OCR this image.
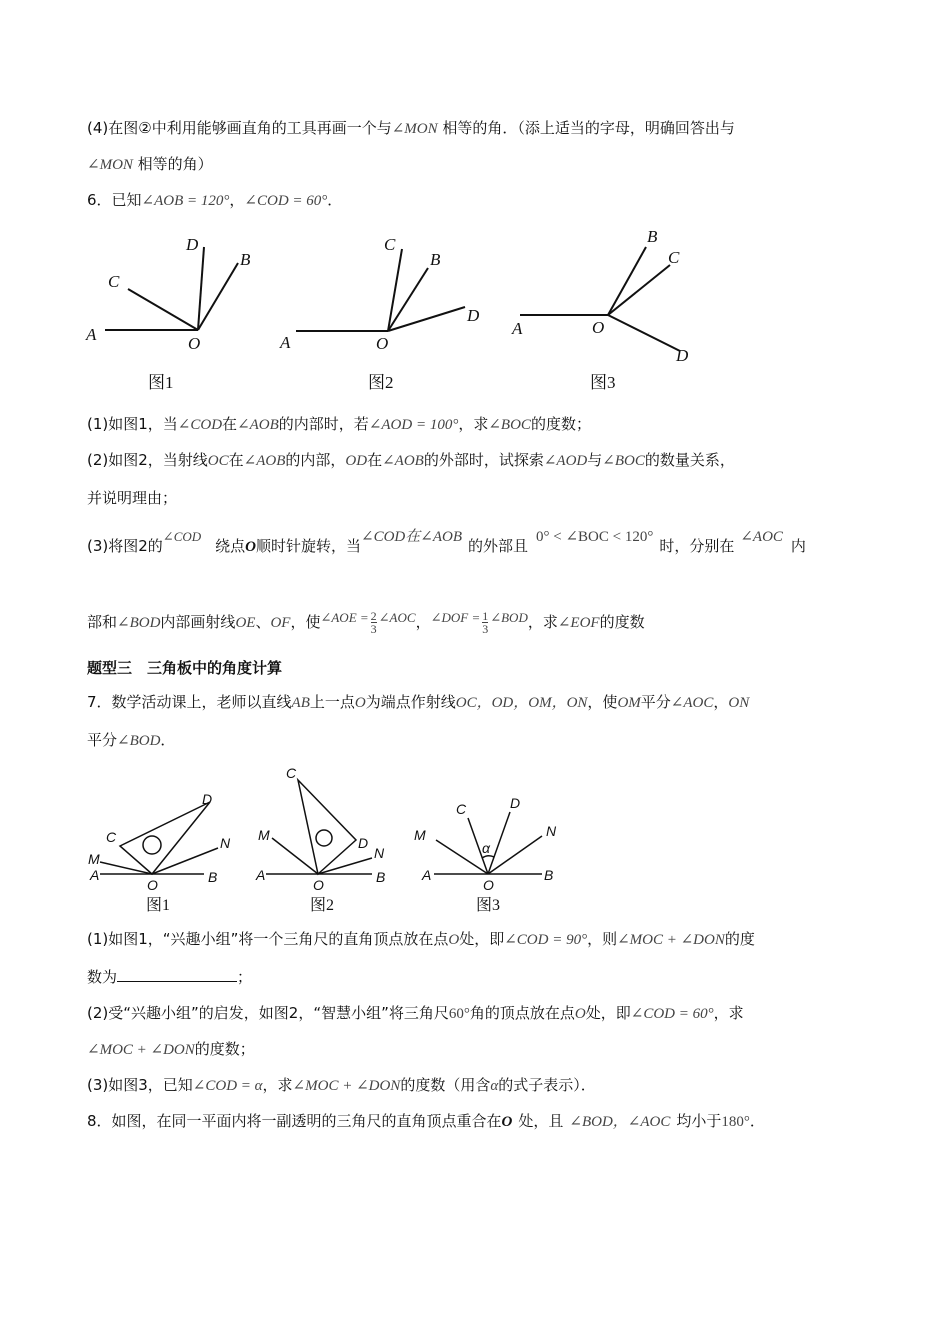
(4)在图②中利用能够画直角的工具再画一个与∠MON 相等的角．（添上适当的字母，明确回答出与
∠MON 相等的角）
6．已知∠AOB = 120°，∠COD = 60°．
A	O
C
D
B
图1
A	O
C
B
D
图2
A	O
B
C
D
图3
(1)如图1，当∠COD在∠AOB的内部时，若∠AOD = 100°，求∠BOC的度数；
(2)如图2，当射线OC在∠AOB的内部，OD在∠AOB的外部时，试探索∠AOD与∠BOC的数量关系，
并说明理由；
(3)将图2的∠COD绕点O顺时针旋转，当∠COD在∠AOB 的外部且 0° < ∠BOC < 120° 时，分别在 ∠AOC 内
部和∠BOD内部画射线OE、OF，使∠AOE = $\frac{2}{3}$ ∠AOC，∠DOF = $\frac{1}{3}$ ∠BOD，求∠EOF的度数
题型三　三角板中的角度计算
7．数学活动课上，老师以直线AB上一点O为端点作射线OC，OD，OM，ON，使OM平分∠AOC，ON
平分∠BOD．
C
D
M
N
A
O	B
图1
C
D
M
N
A
O	B
图2
C	D
M	N
α
A
O
B
图3
(1)如图1，“兴趣小组”将一个三角尺的直角顶点放在点O处，即∠COD = 90°，则∠MOC + ∠DON的度
数为	；
(2)受“兴趣小组”的启发，如图2，“智慧小组”将三角尺60°角的顶点放在点O处，即∠COD = 60°，求
∠MOC + ∠DON的度数；
(3)如图3，已知∠COD = α，求∠MOC + ∠DON的度数（用含α的式子表示）．
8．如图，在同一平面内将一副透明的三角尺的直角顶点重合在O 处，且 ∠BOD，∠AOC 均小于180°．
